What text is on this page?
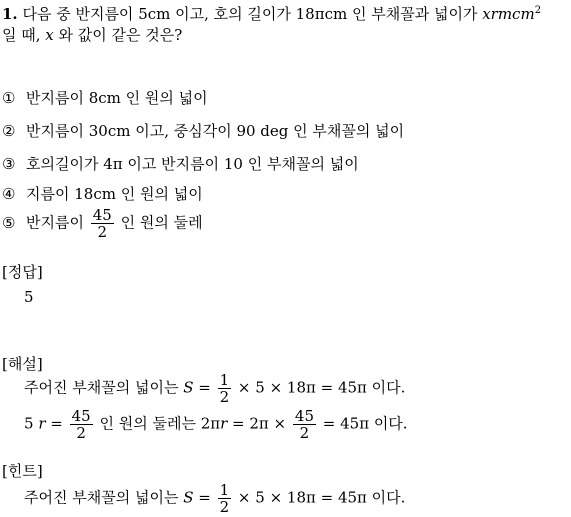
1. 다음 중 반지름이 5cm 이고, 호의 길이가 18πcm 인 부채꼴과 넓이가 xrmcm$^2$
일 때, x 와 값이 같은 것은?
① 반지름이 8cm 인 원의 넓이
② 반지름이 30cm 이고, 중심각이 90 deg 인 부채꼴의 넓이
③ 호의길이가 4π 이고 반지름이 10 인 부채꼴의 넓이
④ 지름이 18cm 인 원의 넓이
⑤ 반지름이 $\frac{45}{2}$ 인 원의 둘레
[정답]
5
[해설]
주어진 부채꼴의 넓이는 $S = \frac{1}{2} \times 5 \times 18\pi = 45\pi$ 이다.
5 $r = \frac{45}{2}$ 인 원의 둘레는 $2\pi r = 2\pi \times \frac{45}{2} = 45\pi$ 이다.
[힌트]
주어진 부채꼴의 넓이는 $S = \frac{1}{2} \times 5 \times 18\pi = 45\pi$ 이다.
